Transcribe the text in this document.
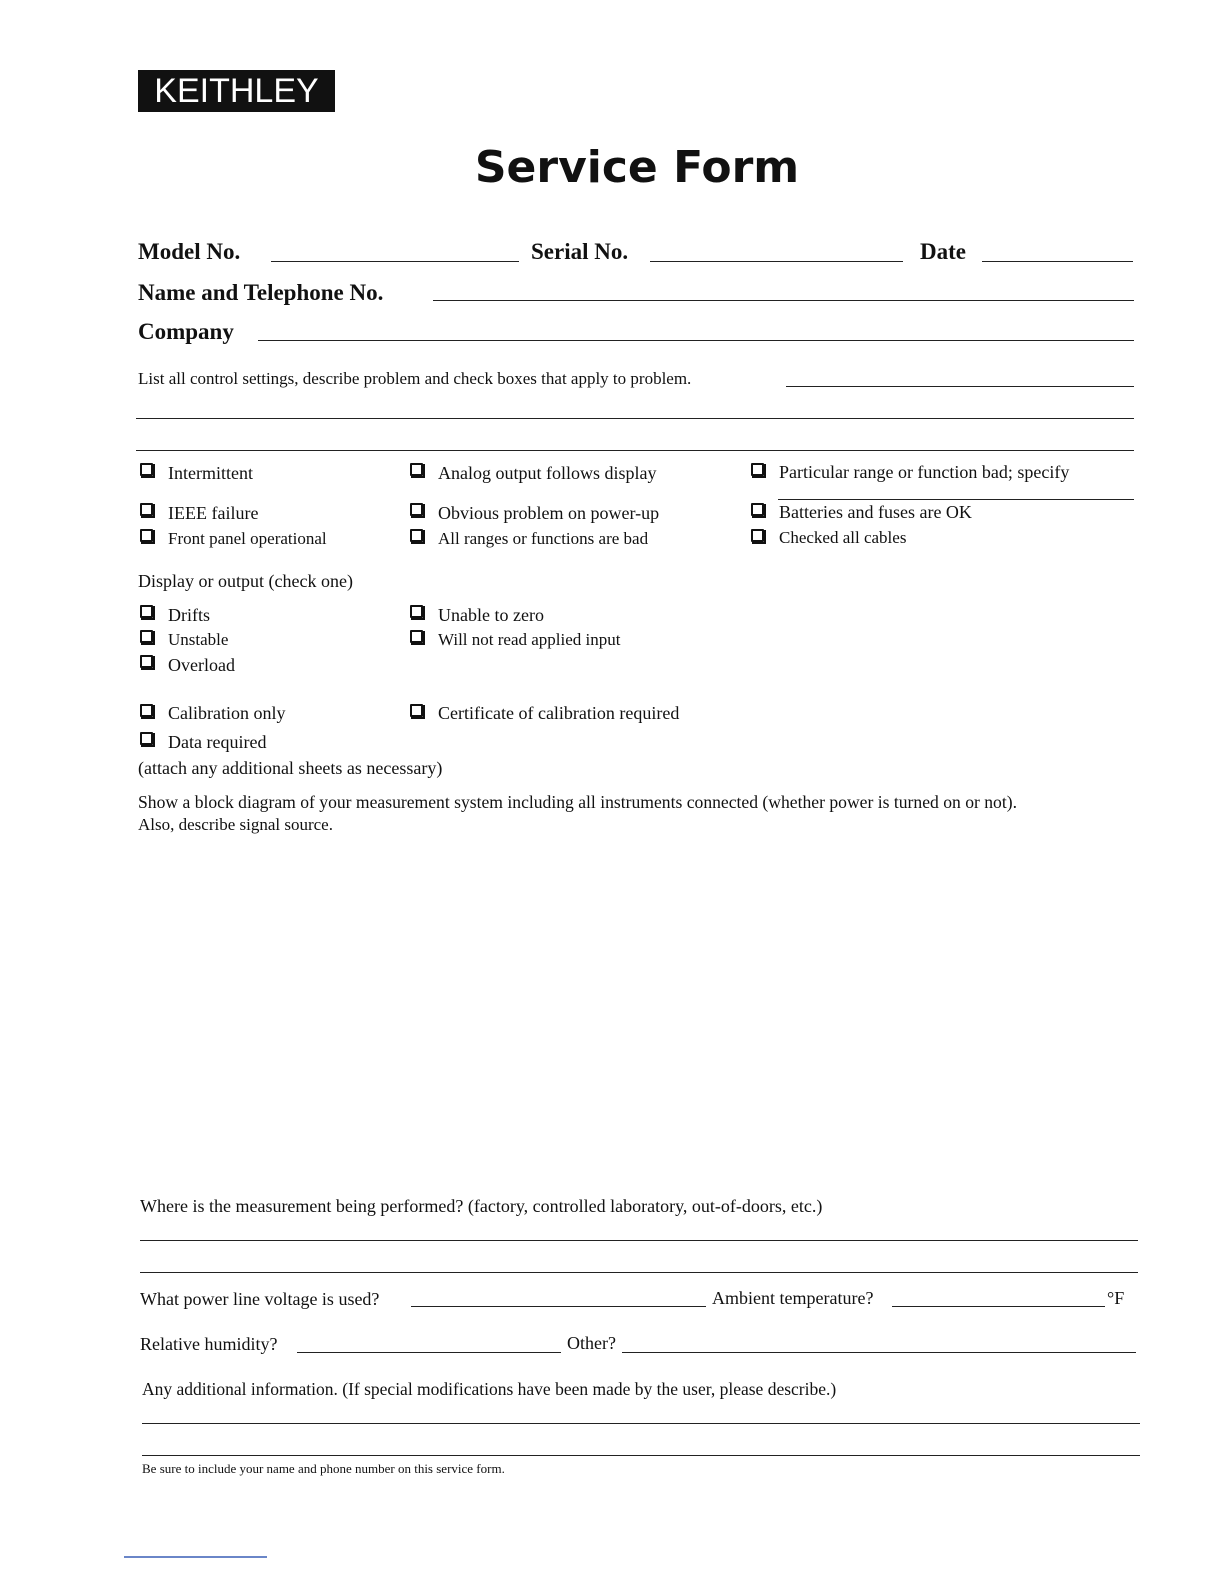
KEITHLEY
Service Form
Model No.	Serial No.	Date
Name and Telephone No.
Company
List all control settings, describe problem and check boxes that apply to problem.
Intermittent	Analog output follows display	Particular range or function bad; specify
IEEE failure	Obvious problem on power-up	Batteries and fuses are OK
Front panel operational	All ranges or functions are bad	Checked all cables
Display or output (check one)
Drifts	Unable to zero
Unstable	Will not read applied input
Overload
Calibration only	Certificate of calibration required
Data required
(attach any additional sheets as necessary)
Show a block diagram of your measurement system including all instruments connected (whether power is turned on or not).
Also, describe signal source.
Where is the measurement being performed? (factory, controlled laboratory, out-of-doors, etc.)
What power line voltage is used?	Ambient temperature?	°F
Relative humidity?	Other?
Any additional information. (If special modifications have been made by the user, please describe.)
Be sure to include your name and phone number on this service form.
